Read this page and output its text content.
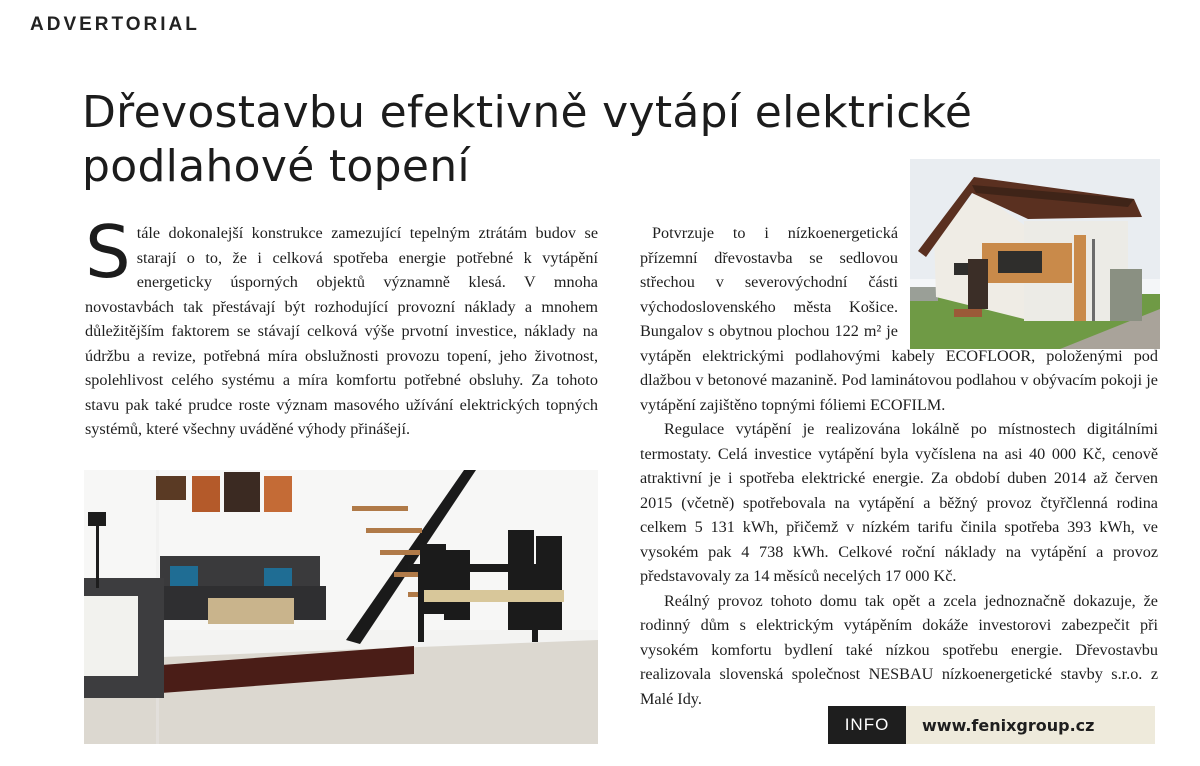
ADVERTORIAL
Dřevostavbu efektivně vytápí elektrické podlahové topení
S tále dokonalejší konstrukce zamezující tepelným ztrátám budov se starají o to, že i celková spotřeba energie potřebné k vytápění energeticky úsporných objektů významně klesá. V mnoha novostavbách tak přestávají být rozhodující provozní náklady a mnohem důležitějším faktorem se stávají celková výše prvotní investice, náklady na údržbu a revize, potřebná míra obslužnosti provozu topení, jeho životnost, spolehlivost celého systému a míra komfortu potřebné obsluhy. Za tohoto stavu pak také prudce roste význam masového užívání elektrických topných systémů, které všechny uváděné výhody přinášejí.

Potvrzuje to i nízkoenergetická přízemní dřevostavba se sedlovou střechou v severovýchodní části východoslovenského města Košice. Bungalov s obytnou plochou 122 m² je vytápěn elektrickými podlahovými kabely ECOFLOOR, položenými pod dlažbou v betonové mazanině. Pod laminátovou podlahou v obývacím pokoji je vytápění zajištěno topnými fóliemi ECOFILM.

Regulace vytápění je realizována lokálně po místnostech digitálními termostaty. Celá investice vytápění byla vyčíslena na asi 40 000 Kč, cenově atraktivní je i spotřeba elektrické energie. Za období duben 2014 až červen 2015 (včetně) spotřebovala na vytápění a běžný provoz čtyřčlenná rodina celkem 5 131 kWh, přičemž v nízkém tarifu činila spotřeba 393 kWh, ve vysokém pak 4 738 kWh. Celkové roční náklady na vytápění a provoz představovaly za 14 měsíců necelých 17 000 Kč.

Reálný provoz tohoto domu tak opět a zcela jednoznačně dokazuje, že rodinný dům s elektrickým vytápěním dokáže investorovi zabezpečit při vysokém komfortu bydlení také nízkou spotřebu energie. Dřevostavbu realizovala slovenská společnost NESBAU nízkoenergetické stavby s.r.o. z Malé Idy.

INFO	www.fenixgroup.cz
